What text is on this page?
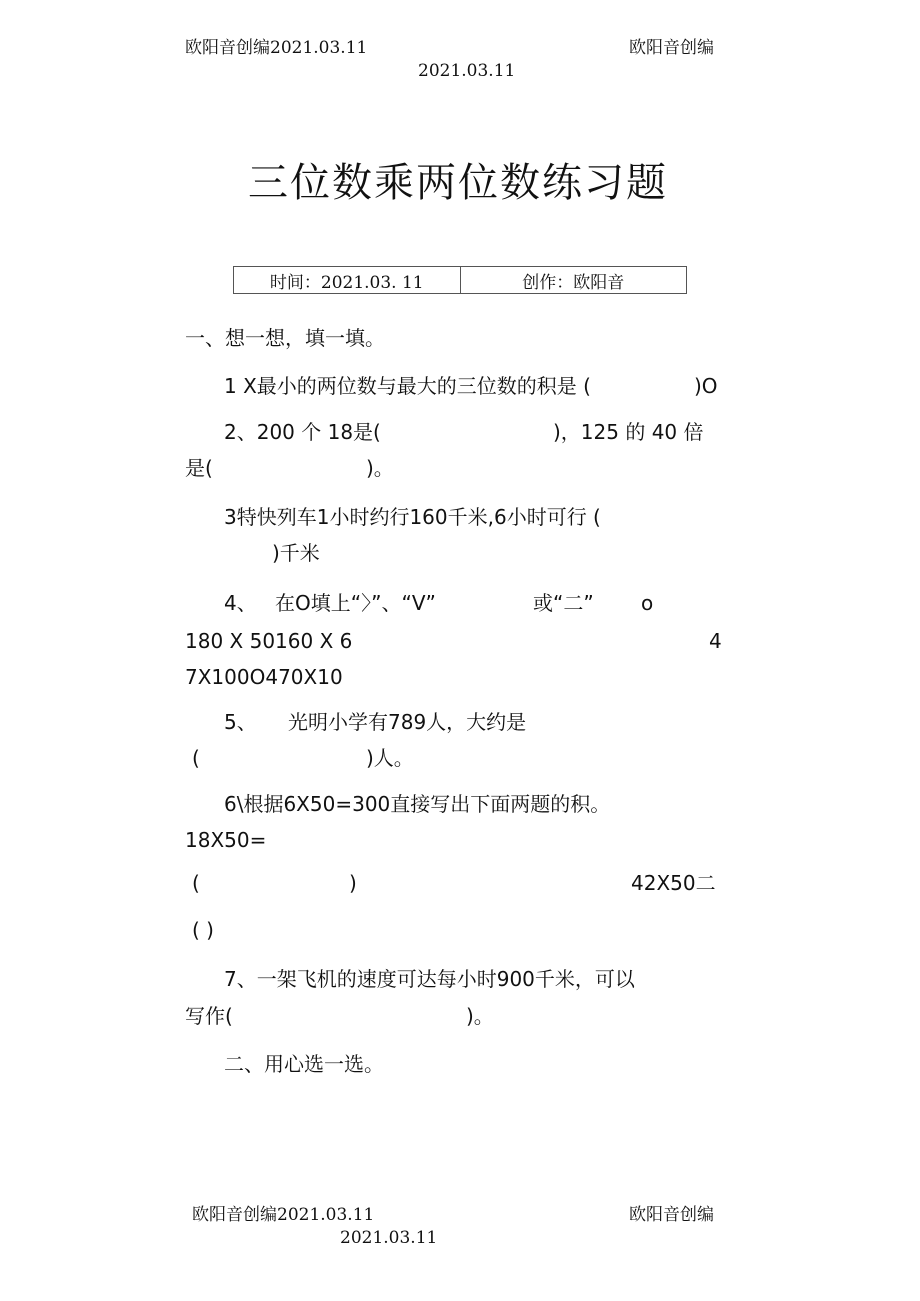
欧阳音创编2021.03.11	欧阳音创编
2021.03.11
三位数乘两位数练习题
时间：2021.03. 11	创作：欧阳音
一、想一想，填一填。
1 X最小的两位数与最大的三位数的积是 (	)O
2、200 个 18是(	)，125 的 40 倍
是(	)。
3特快列车1小时约行160千米,6小时可行 (
)千米
4、 在O填上“〉”、“V”	或“二” o
180 X 50160 X 6	4
7X100O470X10
5、 光明小学有789人，大约是
(	)人。
6\根据6X50=300直接写出下面两题的积。
18X50=
(	)	42X50二
( )
7、一架飞机的速度可达每小时900千米，可以
写作(	)。
二、用心选一选。
欧阳音创编2021.03.11	欧阳音创编
2021.03.11
